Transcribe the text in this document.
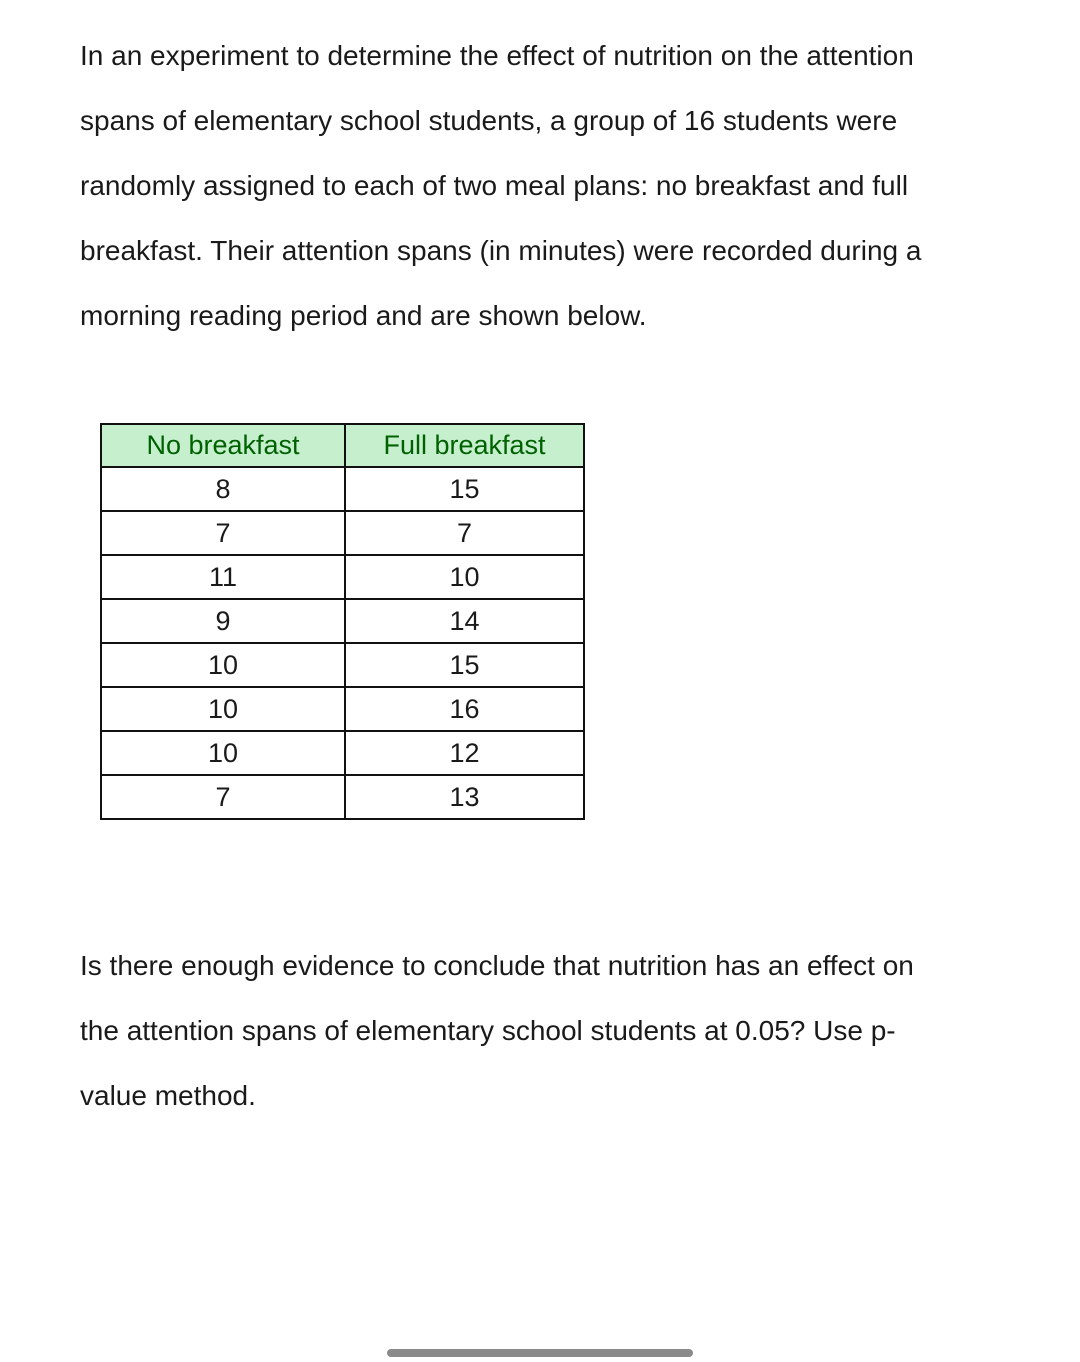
In an experiment to determine the effect of nutrition on the attention
spans of elementary school students, a group of 16 students were
randomly assigned to each of two meal plans: no breakfast and full
breakfast. Their attention spans (in minutes) were recorded during a
morning reading period and are shown below.
No breakfast	Full breakfast
8	15
7	7
11	10
9	14
10	15
10	16
10	12
7	13
Is there enough evidence to conclude that nutrition has an effect on
the attention spans of elementary school students at 0.05? Use p-
value method.
